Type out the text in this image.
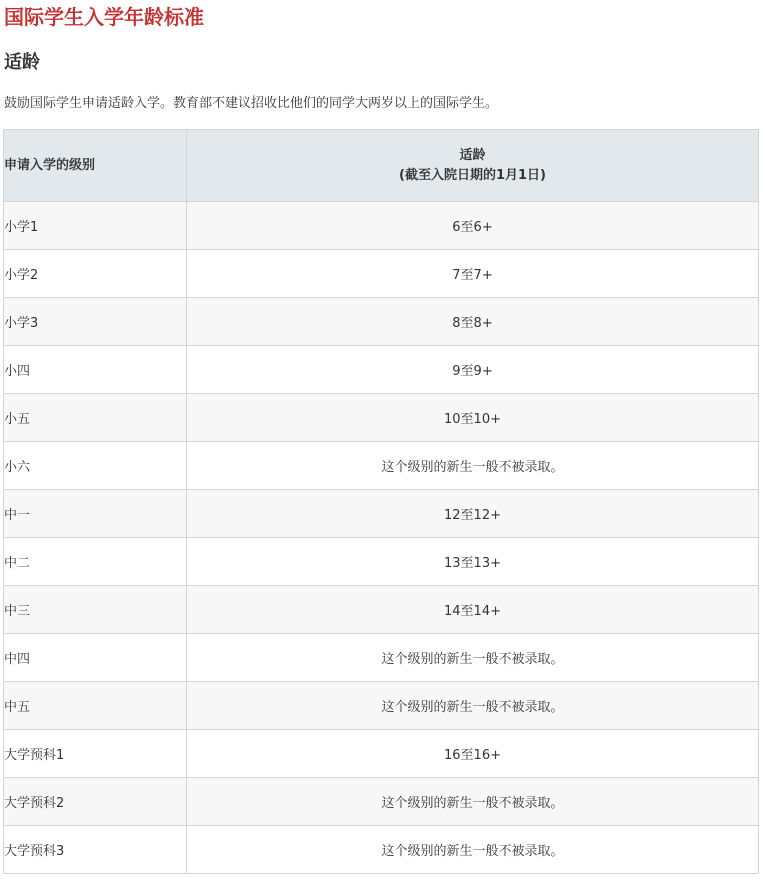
国际学生入学年龄标准
适龄

鼓励国际学生申请适龄入学。教育部不建议招收比他们的同学大两岁以上的国际学生。

申请入学的级别	适龄
(截至入院日期的1月1日)

小学1	6至6+
小学2	7至7+
小学3	8至8+
小四	9至9+
小五	10至10+
小六	这个级别的新生一般不被录取。
中一	12至12+
中二	13至13+
中三	14至14+
中四	这个级别的新生一般不被录取。
中五	这个级别的新生一般不被录取。
大学预科1	16至16+
大学预科2	这个级别的新生一般不被录取。
大学预科3	这个级别的新生一般不被录取。
